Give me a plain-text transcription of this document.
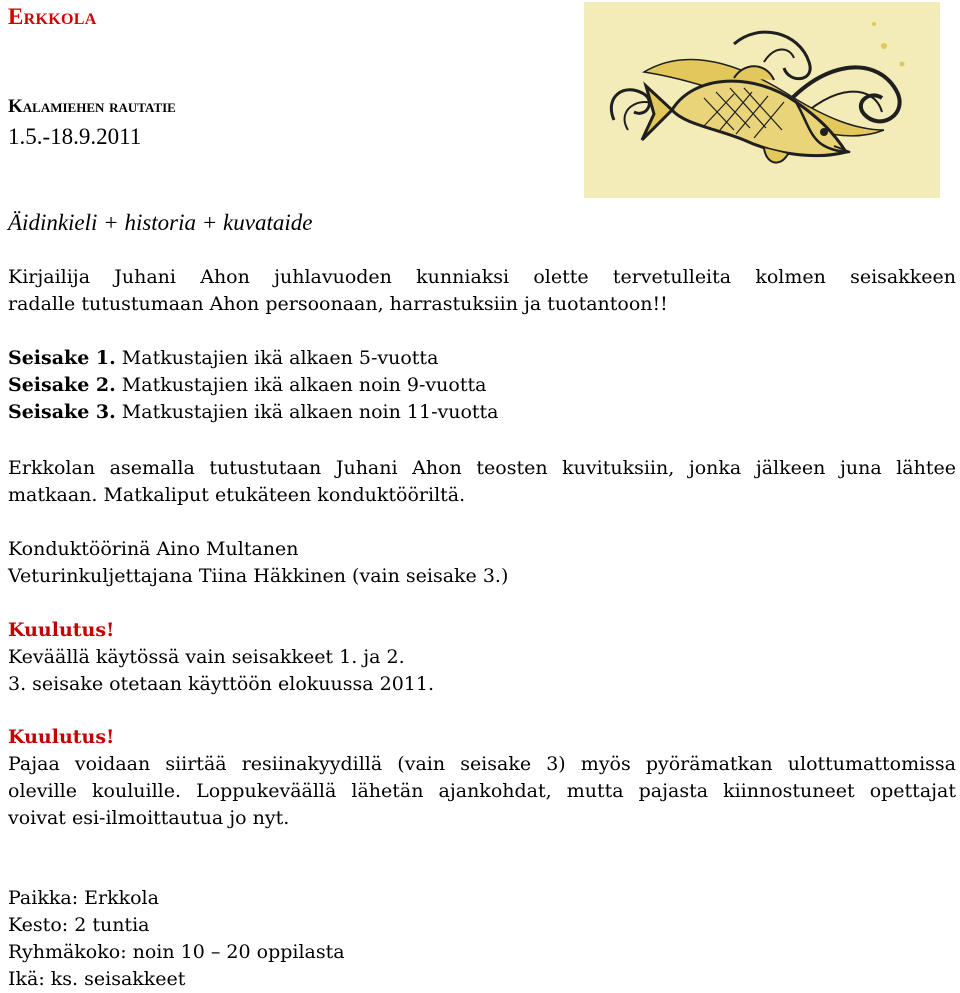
Erkkola
Kalamiehen rautatie
1.5.-18.9.2011
Äidinkieli + historia + kuvataide
Kirjailija Juhani Ahon juhlavuoden kunniaksi olette tervetulleita kolmen seisakkeen
radalle tutustumaan Ahon persoonaan, harrastuksiin ja tuotantoon!!
Seisake 1. Matkustajien ikä alkaen 5-vuotta
Seisake 2. Matkustajien ikä alkaen noin 9-vuotta
Seisake 3. Matkustajien ikä alkaen noin 11-vuotta
Erkkolan asemalla tutustutaan Juhani Ahon teosten kuvituksiin, jonka jälkeen juna lähtee
matkaan. Matkaliput etukäteen konduktööriltä.
Konduktöörinä Aino Multanen
Veturinkuljettajana Tiina Häkkinen (vain seisake 3.)
Kuulutus!
Keväällä käytössä vain seisakkeet 1. ja 2.
3. seisake otetaan käyttöön elokuussa 2011.
Kuulutus!
Pajaa voidaan siirtää resiinakyydillä (vain seisake 3) myös pyörämatkan ulottumattomissa
oleville kouluille. Loppukeväällä lähetän ajankohdat, mutta pajasta kiinnostuneet opettajat
voivat esi-ilmoittautua jo nyt.
Paikka: Erkkola
Kesto: 2 tuntia
Ryhmäkoko: noin 10 – 20 oppilasta
Ikä: ks. seisakkeet
